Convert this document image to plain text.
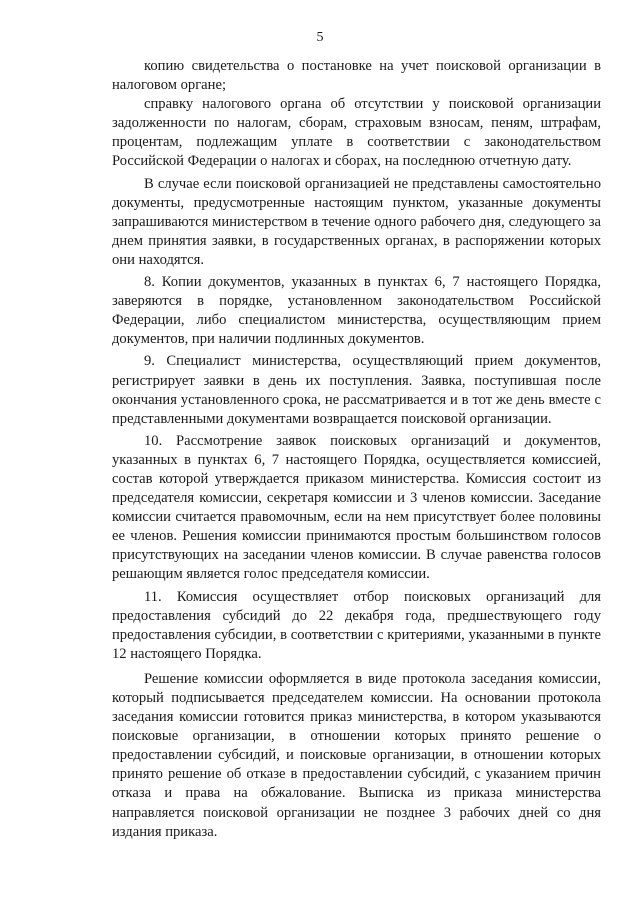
5

копию свидетельства о постановке на учет поисковой организации в налоговом органе;

справку налогового органа об отсутствии у поисковой организации задолженности по налогам, сборам, страховым взносам, пеням, штрафам, процентам, подлежащим уплате в соответствии с законодательством Российской Федерации о налогах и сборах, на последнюю отчетную дату.

В случае если поисковой организацией не представлены самостоятельно документы, предусмотренные настоящим пунктом, указанные документы запрашиваются министерством в течение одного рабочего дня, следующего за днем принятия заявки, в государственных органах, в распоряжении которых они находятся.

8. Копии документов, указанных в пунктах 6, 7 настоящего Порядка, заверяются в порядке, установленном законодательством Российской Федерации, либо специалистом министерства, осуществляющим прием документов, при наличии подлинных документов.

9. Специалист министерства, осуществляющий прием документов, регистрирует заявки в день их поступления. Заявка, поступившая после окончания установленного срока, не рассматривается и в тот же день вместе с представленными документами возвращается поисковой организации.

10. Рассмотрение заявок поисковых организаций и документов, указанных в пунктах 6, 7 настоящего Порядка, осуществляется комиссией, состав которой утверждается приказом министерства. Комиссия состоит из председателя комиссии, секретаря комиссии и 3 членов комиссии. Заседание комиссии считается правомочным, если на нем присутствует более половины ее членов. Решения комиссии принимаются простым большинством голосов присутствующих на заседании членов комиссии. В случае равенства голосов решающим является голос председателя комиссии.

11. Комиссия осуществляет отбор поисковых организаций для предоставления субсидий до 22 декабря года, предшествующего году предоставления субсидии, в соответствии с критериями, указанными в пункте 12 настоящего Порядка.

Решение комиссии оформляется в виде протокола заседания комиссии, который подписывается председателем комиссии. На основании протокола заседания комиссии готовится приказ министерства, в котором указываются поисковые организации, в отношении которых принято решение о предоставлении субсидий, и поисковые организации, в отношении которых принято решение об отказе в предоставлении субсидий, с указанием причин отказа и права на обжалование. Выписка из приказа министерства направляется поисковой организации не позднее 3 рабочих дней со дня издания приказа.
